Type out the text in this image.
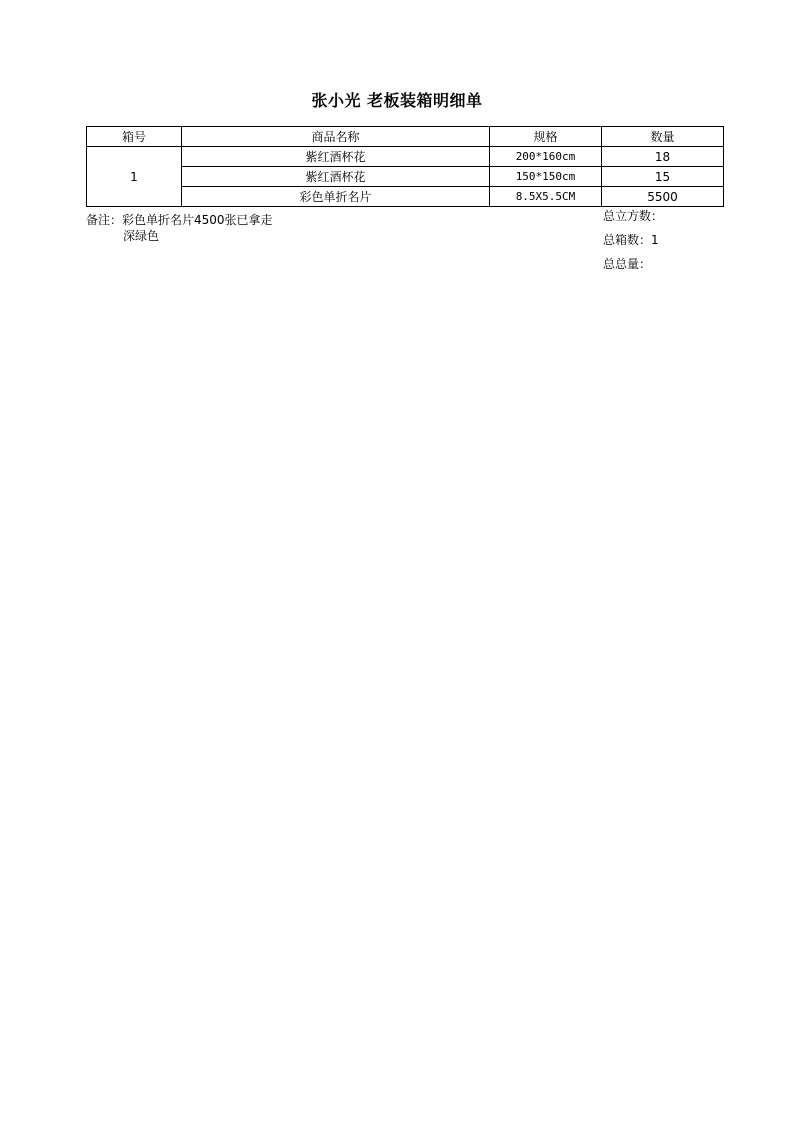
张小光 老板装箱明细单
箱号	商品名称	规格	数量
1	紫红酒杯花	200*160cm	18
	紫红酒杯花	150*150cm	15
	彩色单折名片	8.5X5.5CM	5500
备注：彩色单折名片4500张已拿走
深绿色
总立方数：
总箱数：1
总总量：
